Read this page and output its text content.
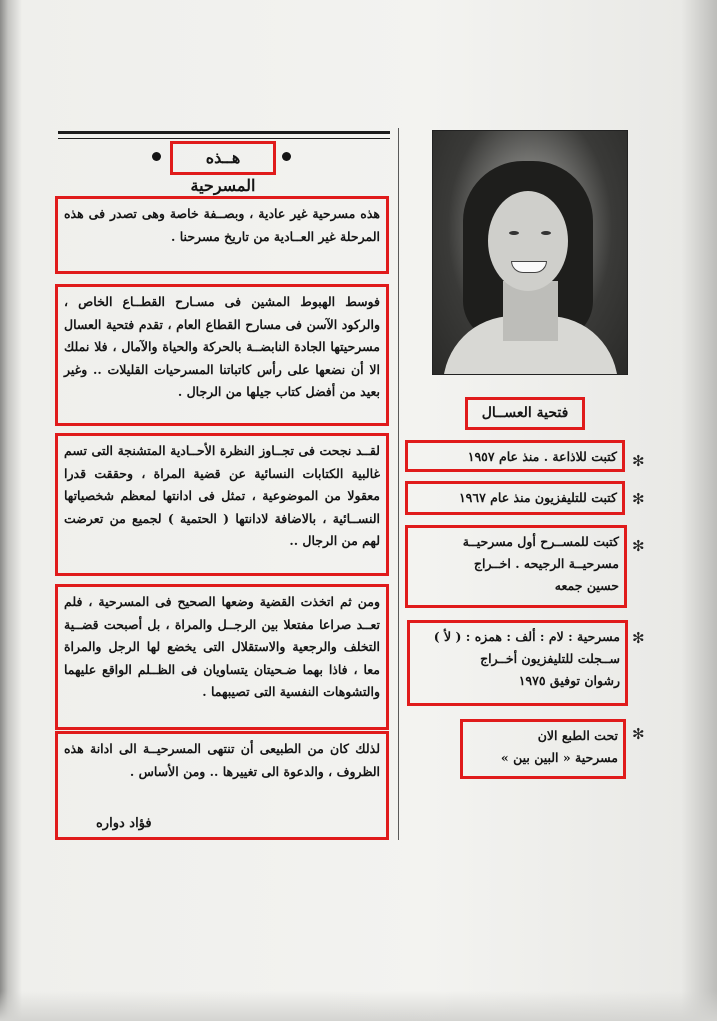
هــذه المسرحية
هذه مسرحية غير عادية ، وبصــفة خاصة وهى تصدر فى هذه المرحلة غير العــادية من تاريخ مسرحنا .
فوسط الهبوط المشين فى مسـارح القطــاع الخاص ، والركود الآسن فى مسارح القطاع العام ، تقدم فتحية العسال مسرحيتها الجادة النابضــة بالحركة والحياة والآمال ، فلا نملك الا أن نضعها على رأس كاتباتنا المسرحيات القليلات .. وغير بعيد من أفضل كتاب جيلها من الرجال .
لقــد نجحت فى تجــاوز النظرة الأحــادية المتشنجة التى تسم غالبية الكتابات النسائية عن قضية المراة ، وحققت قدرا معقولا من الموضوعية ، تمثل فى ادانتها لمعظم شخصياتها النســائية ، بالاضافة لادانتها ( الحتمية ) لجميع من تعرضت لهم من الرجال ..
ومن ثم اتخذت القضية وضعها الصحيح فى المسرحية ، فلم تعــد صراعا مفتعلا بين الرجــل والمراة ، بل أصبحت قضــية التخلف والرجعية والاستقلال التى يخضع لها الرجل والمراة معا ، فاذا بهما ضـحيتان يتساويان فى الظــلم الواقع عليهما والتشوهات النفسية التى تصيبهما .
لذلك كان من الطبيعى أن تنتهى المسرحيــة الى ادانة هذه الظروف ، والدعوة الى تغييرها .. ومن الأساس .
فؤاد دواره
فتحية العســال
✻
كتبت للاذاعة . منذ عام ١٩٥٧
✻
كتبت للتليفزيون منذ عام ١٩٦٧
✻
كتبت للمســرح أول مسرحيــة
مسرحيــة الرجيحه . اخــراج
حسين جمعه
✻
مسرحية : لام : ألف : همزه : ( لأ )
ســجلت للتليفزيون أخــراج
رشوان توفيق ١٩٧٥
✻
تحت الطبع الان
مسرحية « البين بين »
